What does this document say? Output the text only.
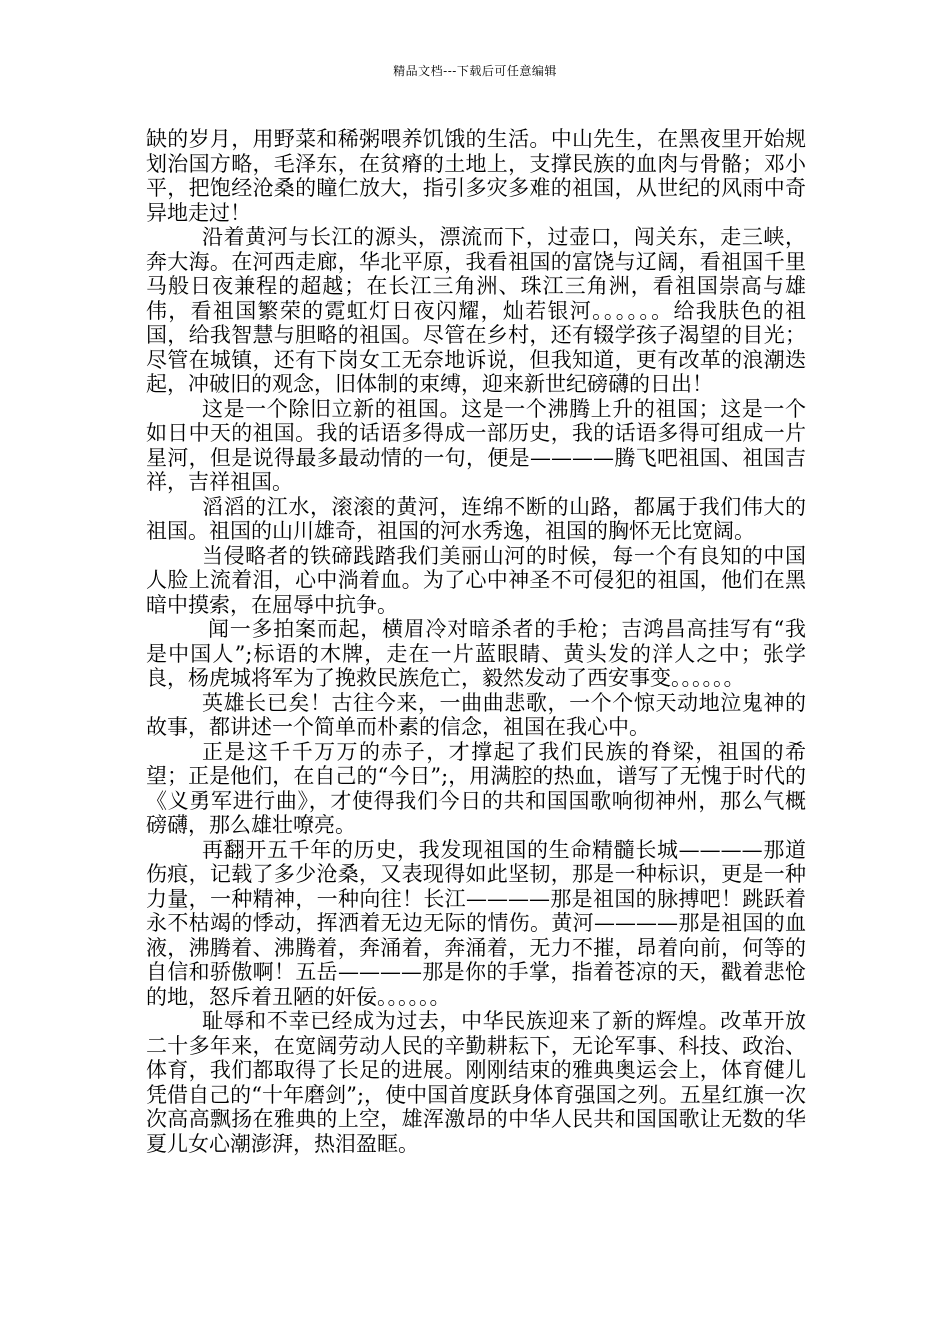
精品文档---下载后可任意编辑

缺的岁月，用野菜和稀粥喂养饥饿的生活。中山先生，在黑夜里开始规划治国方略，毛泽东，在贫瘠的土地上，支撑民族的血肉与骨骼；邓小平，把饱经沧桑的瞳仁放大，指引多灾多难的祖国，从世纪的风雨中奇异地走过！

沿着黄河与长江的源头，漂流而下，过壶口，闯关东，走三峡，奔大海。在河西走廊，华北平原，我看祖国的富饶与辽阔，看祖国千里马般日夜兼程的超越；在长江三角洲、珠江三角洲，看祖国崇高与雄伟，看祖国繁荣的霓虹灯日夜闪耀，灿若银河。。。。。。给我肤色的祖国，给我智慧与胆略的祖国。尽管在乡村，还有辍学孩子渴望的目光；尽管在城镇，还有下岗女工无奈地诉说，但我知道，更有改革的浪潮迭起，冲破旧的观念，旧体制的束缚，迎来新世纪磅礴的日出！

这是一个除旧立新的祖国。这是一个沸腾上升的祖国；这是一个如日中天的祖国。我的话语多得成一部历史，我的话语多得可组成一片星河，但是说得最多最动情的一句，便是————腾飞吧祖国、祖国吉祥，吉祥祖国。

滔滔的江水，滚滚的黄河，连绵不断的山路，都属于我们伟大的祖国。祖国的山川雄奇，祖国的河水秀逸，祖国的胸怀无比宽阔。

当侵略者的铁碲践踏我们美丽山河的时候，每一个有良知的中国人脸上流着泪，心中淌着血。为了心中神圣不可侵犯的祖国，他们在黑暗中摸索，在屈辱中抗争。

闻一多拍案而起，横眉冷对暗杀者的手枪；吉鸿昌高挂写有“我是中国人”;标语的木牌，走在一片蓝眼睛、黄头发的洋人之中；张学良，杨虎城将军为了挽救民族危亡，毅然发动了西安事变。。。。。。

英雄长已矣！古往今来，一曲曲悲歌，一个个惊天动地泣鬼神的故事，都讲述一个简单而朴素的信念，祖国在我心中。

正是这千千万万的赤子，才撑起了我们民族的脊梁，祖国的希望；正是他们，在自己的“今日”;，用满腔的热血，谱写了无愧于时代的《义勇军进行曲》，才使得我们今日的共和国国歌响彻神州，那么气概磅礴，那么雄壮嘹亮。

再翻开五千年的历史，我发现祖国的生命精髓长城————那道伤痕，记载了多少沧桑，又表现得如此坚韧，那是一种标识，更是一种力量，一种精神，一种向往！长江————那是祖国的脉搏吧！跳跃着永不枯竭的悸动，挥洒着无边无际的情伤。黄河————那是祖国的血液，沸腾着、沸腾着，奔涌着，奔涌着，无力不摧，昂着向前，何等的自信和骄傲啊！五岳————那是你的手掌，指着苍凉的天，戳着悲怆的地，怒斥着丑陋的奸佞。。。。。。

耻辱和不幸已经成为过去，中华民族迎来了新的辉煌。改革开放二十多年来，在宽阔劳动人民的辛勤耕耘下，无论军事、科技、政治、体育，我们都取得了长足的进展。刚刚结束的雅典奥运会上，体育健儿凭借自己的“十年磨剑”;，使中国首度跃身体育强国之列。五星红旗一次次高高飘扬在雅典的上空，雄浑激昂的中华人民共和国国歌让无数的华夏儿女心潮澎湃，热泪盈眶。
